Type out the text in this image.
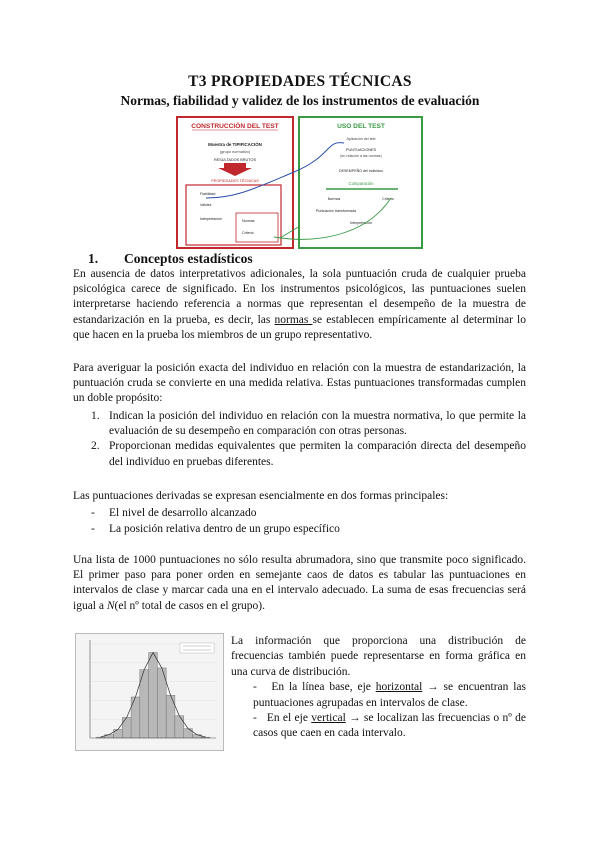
T3 PROPIEDADES TÉCNICAS
Normas, fiabilidad y validez de los instrumentos de evaluación
CONSTRUCCIÓN DEL TEST
Muestra de TIPIFICACIÓN
(grupo normativo)
RESULTADOS BRUTOS
PROPIEDADES TÉCNICAS
Fiabilidad
Validez
Interpretación	Normas
Criterio
USO DEL TEST
Aplicación del test
PUNTUACIONES
(en relación a las normas)
DESEMPEÑO del individuo
Comparación
Normas	Criterio
Puntuación transformada
Interpretación
1. Conceptos estadísticos

En ausencia de datos interpretativos adicionales, la sola puntuación cruda de cualquier prueba psicológica carece de significado. En los instrumentos psicológicos, las puntuaciones suelen interpretarse haciendo referencia a normas que representan el desempeño de la muestra de estandarización en la prueba, es decir, las normas se establecen empíricamente al determinar lo que hacen en la prueba los miembros de un grupo representativo.

Para averiguar la posición exacta del individuo en relación con la muestra de estandarización, la puntuación cruda se convierte en una medida relativa. Estas puntuaciones transformadas cumplen un doble propósito:

1. Indican la posición del individuo en relación con la muestra normativa, lo que permite la evaluación de su desempeño en comparación con otras personas.
2. Proporcionan medidas equivalentes que permiten la comparación directa del desempeño del individuo en pruebas diferentes.

Las puntuaciones derivadas se expresan esencialmente en dos formas principales:

- El nivel de desarrollo alcanzado
- La posición relativa dentro de un grupo específico

Una lista de 1000 puntuaciones no sólo resulta abrumadora, sino que transmite poco significado. El primer paso para poner orden en semejante caos de datos es tabular las puntuaciones en intervalos de clase y marcar cada una en el intervalo adecuado. La suma de esas frecuencias será igual a N(el nº total de casos en el grupo).

La información que proporciona una distribución de frecuencias también puede representarse en forma gráfica en una curva de distribución.

- En la línea base, eje horizontal → se encuentran las puntuaciones agrupadas en intervalos de clase.

- En el eje vertical → se localizan las frecuencias o nº de casos que caen en cada intervalo.
